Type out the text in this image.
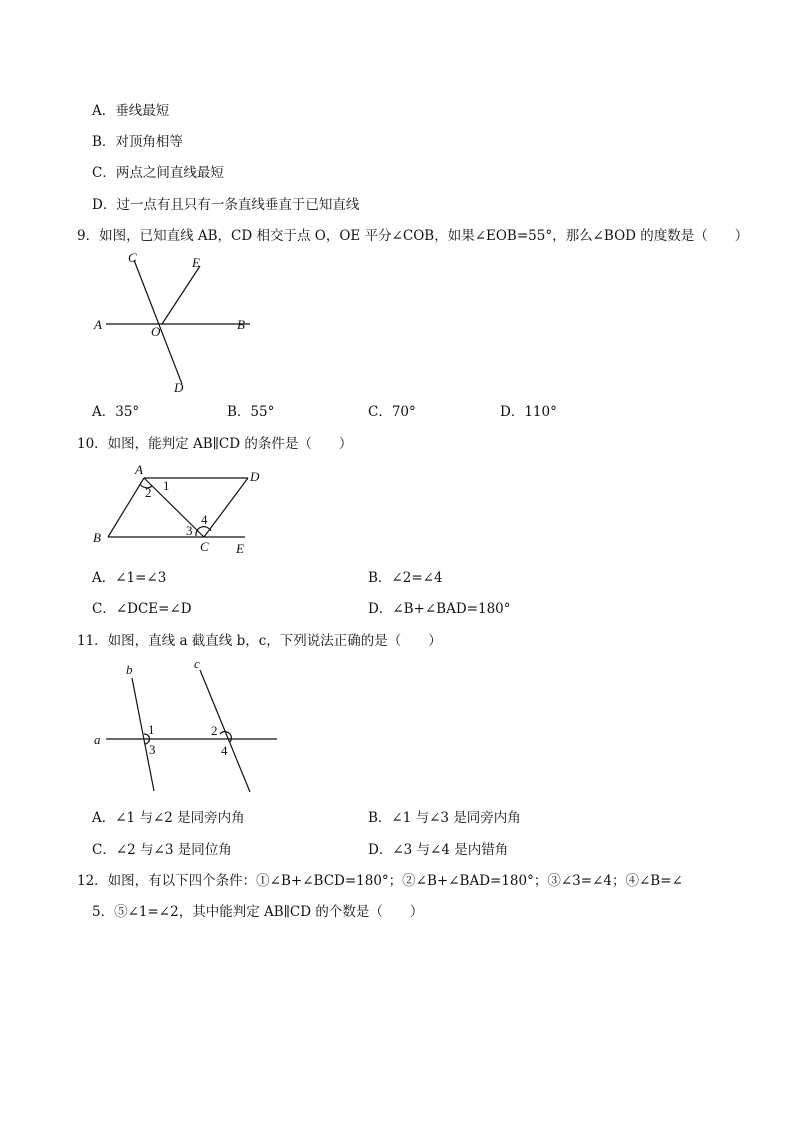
A．垂线最短
B．对顶角相等
C．两点之间直线最短
D．过一点有且只有一条直线垂直于已知直线
9．如图，已知直线 AB，CD 相交于点 O，OE 平分∠COB，如果∠EOB=55°，那么∠BOD 的度数是（　　）
A	B
C
D
E
O
A．35°	B．55°	C．70°	D．110°
10．如图，能判定 AB∥CD 的条件是（　　）
A	D
B
C E
1
2
3
4
A．∠1=∠3	B．∠2=∠4
C．∠DCE=∠D	D．∠B+∠BAD=180°
11．如图，直线 a 截直线 b，c，下列说法正确的是（　　）
a
b	c
1
3
2
4
A．∠1 与∠2 是同旁内角	B．∠1 与∠3 是同旁内角
C．∠2 与∠3 是同位角	D．∠3 与∠4 是内错角
12．如图，有以下四个条件：①∠B+∠BCD=180°；②∠B+∠BAD=180°；③∠3=∠4；④∠B=∠
5．⑤∠1=∠2，其中能判定 AB∥CD 的个数是（　　）
